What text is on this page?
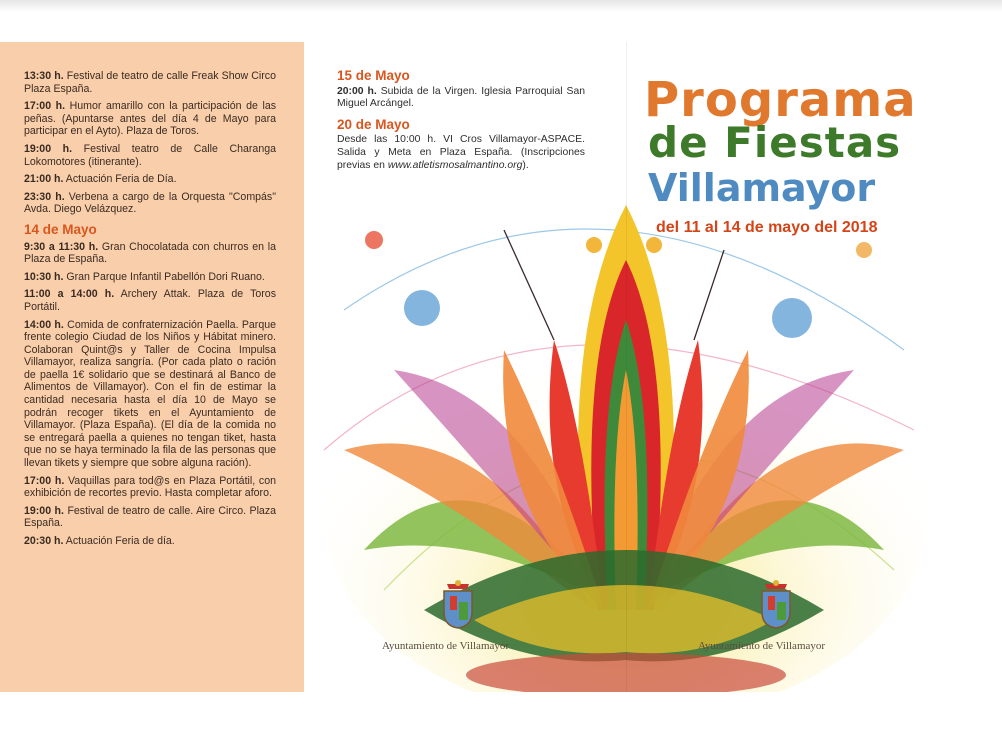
13:30 h. Festival de teatro de calle Freak Show Circo Plaza España.

17:00 h. Humor amarillo con la participación de las peñas. (Apuntarse antes del día 4 de Mayo para participar en el Ayto). Plaza de Toros.

19:00 h. Festival teatro de Calle Charanga Lokomotores (itinerante).

21:00 h. Actuación Feria de Día.

23:30 h. Verbena a cargo de la Orquesta "Compás" Avda. Diego Velázquez.

14 de Mayo

9:30 a 11:30 h. Gran Chocolatada con churros en la Plaza de España.

10:30 h. Gran Parque Infantil Pabellón Dori Ruano.

11:00 a 14:00 h. Archery Attak. Plaza de Toros Portátil.

14:00 h. Comida de confraternización Paella. Parque frente colegio Ciudad de los Niños y Hábitat minero. Colaboran Quint@s y Taller de Cocina Impulsa Villamayor, realiza sangría. (Por cada plato o ración de paella 1€ solidario que se destinará al Banco de Alimentos de Villamayor). Con el fin de estimar la cantidad necesaria hasta el día 10 de Mayo se podrán recoger tikets en el Ayuntamiento de Villamayor. (Plaza España). (El día de la comida no se entregará paella a quienes no tengan tiket, hasta que no se haya terminado la fila de las personas que llevan tikets y siempre que sobre alguna ración).

17:00 h. Vaquillas para tod@s en Plaza Portátil, con exhibición de recortes previo. Hasta completar aforo.

19:00 h. Festival de teatro de calle. Aire Circo. Plaza España.

20:30 h. Actuación Feria de día.

15 de Mayo

20:00 h. Subida de la Virgen. Iglesia Parroquial San Miguel Arcángel.

20 de Mayo

Desde las 10:00 h. VI Cros Villamayor-ASPACE. Salida y Meta en Plaza España. (Inscripciones previas en www.atletismosalmantino.org).

Programa
de Fiestas
Villamayor
del 11 al 14 de mayo del 2018
Ayuntamiento de Villamayor	Ayuntamiento de Villamayor
